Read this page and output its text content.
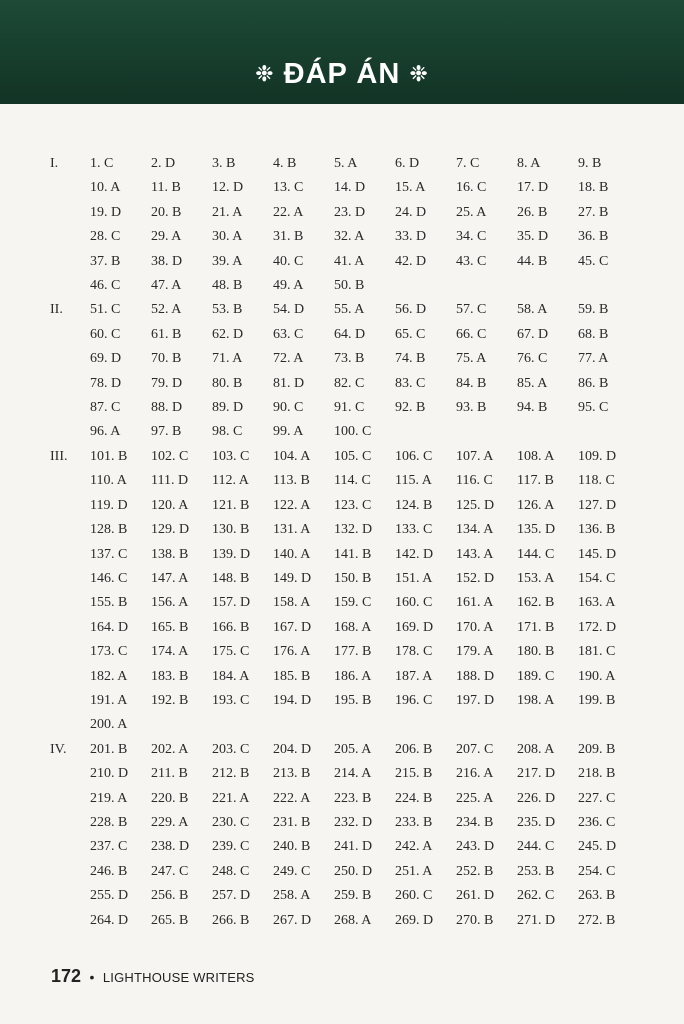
❉ ĐÁP ÁN ❉
I.	1. C	2. D	3. B	4. B	5. A	6. D	7. C	8. A	9. B
10. A	11. B	12. D	13. C	14. D	15. A	16. C	17. D	18. B
19. D	20. B	21. A	22. A	23. D	24. D	25. A	26. B	27. B
28. C	29. A	30. A	31. B	32. A	33. D	34. C	35. D	36. B
37. B	38. D	39. A	40. C	41. A	42. D	43. C	44. B	45. C
46. C	47. A	48. B	49. A	50. B
II.	51. C	52. A	53. B	54. D	55. A	56. D	57. C	58. A	59. B
60. C	61. B	62. D	63. C	64. D	65. C	66. C	67. D	68. B
69. D	70. B	71. A	72. A	73. B	74. B	75. A	76. C	77. A
78. D	79. D	80. B	81. D	82. C	83. C	84. B	85. A	86. B
87. C	88. D	89. D	90. C	91. C	92. B	93. B	94. B	95. C
96. A	97. B	98. C	99. A	100. C
III.	101. B	102. C	103. C	104. A	105. C	106. C	107. A	108. A	109. D
110. A	111. D	112. A	113. B	114. C	115. A	116. C	117. B	118. C
119. D	120. A	121. B	122. A	123. C	124. B	125. D	126. A	127. D
128. B	129. D	130. B	131. A	132. D	133. C	134. A	135. D	136. B
137. C	138. B	139. D	140. A	141. B	142. D	143. A	144. C	145. D
146. C	147. A	148. B	149. D	150. B	151. A	152. D	153. A	154. C
155. B	156. A	157. D	158. A	159. C	160. C	161. A	162. B	163. A
164. D	165. B	166. B	167. D	168. A	169. D	170. A	171. B	172. D
173. C	174. A	175. C	176. A	177. B	178. C	179. A	180. B	181. C
182. A	183. B	184. A	185. B	186. A	187. A	188. D	189. C	190. A
191. A	192. B	193. C	194. D	195. B	196. C	197. D	198. A	199. B
200. A
IV.	201. B	202. A	203. C	204. D	205. A	206. B	207. C	208. A	209. B
210. D	211. B	212. B	213. B	214. A	215. B	216. A	217. D	218. B
219. A	220. B	221. A	222. A	223. B	224. B	225. A	226. D	227. C
228. B	229. A	230. C	231. B	232. D	233. B	234. B	235. D	236. C
237. C	238. D	239. C	240. B	241. D	242. A	243. D	244. C	245. D
246. B	247. C	248. C	249. C	250. D	251. A	252. B	253. B	254. C
255. D	256. B	257. D	258. A	259. B	260. C	261. D	262. C	263. B
264. D	265. B	266. B	267. D	268. A	269. D	270. B	271. D	272. B
172 • LIGHTHOUSE WRITERS
